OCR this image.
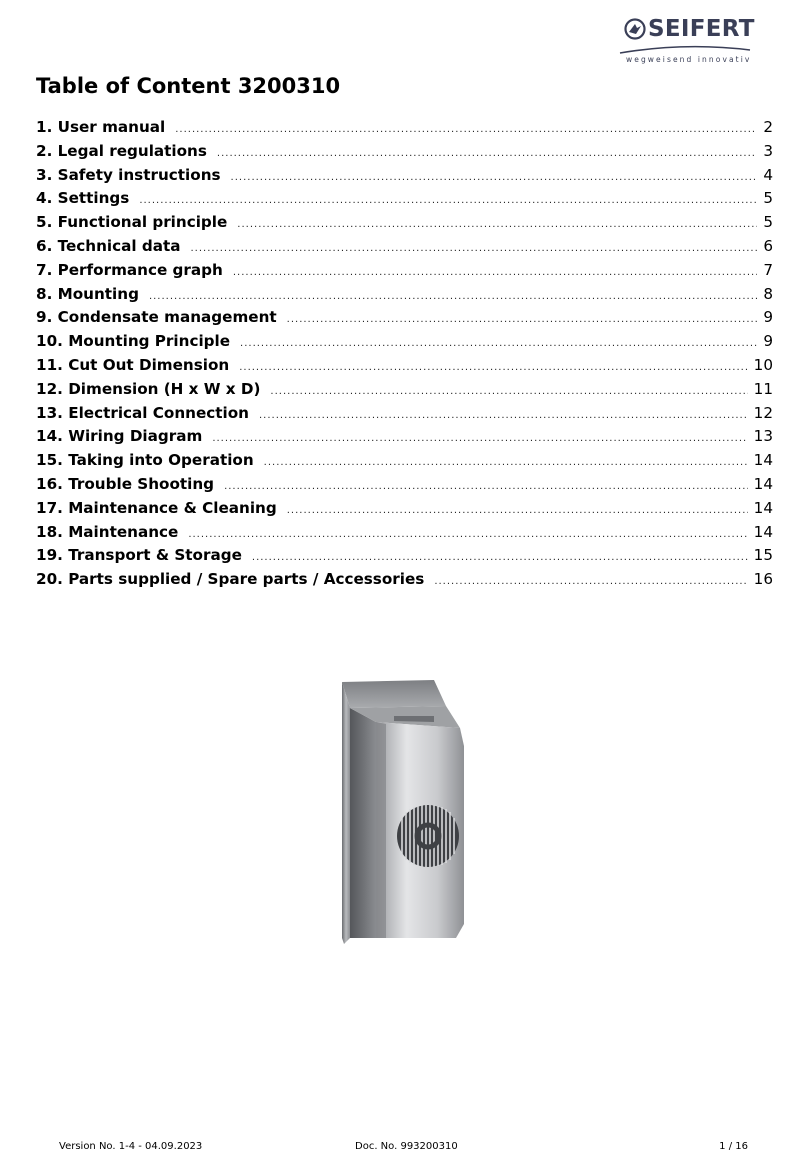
SEIFERT
wegweisend innovativ
Table of Content 3200310
1. User manual .....	2
2. Legal regulations .....	3
3. Safety instructions .....	4
4. Settings .....	5
5. Functional principle .....	5
6. Technical data .....	6
7. Performance graph .....	7
8. Mounting .....	8
9. Condensate management .....	9
10. Mounting Principle .....	9
11. Cut Out Dimension .....	10
12. Dimension (H x W x D) .....	11
13. Electrical Connection .....	12
14. Wiring Diagram .....	13
15. Taking into Operation .....	14
16. Trouble Shooting .....	14
17. Maintenance & Cleaning .....	14
18. Maintenance .....	14
19. Transport & Storage .....	15
20. Parts supplied / Spare parts / Accessories .....	16
Version No. 1-4 - 04.09.2023	Doc. No. 993200310	1 / 16
